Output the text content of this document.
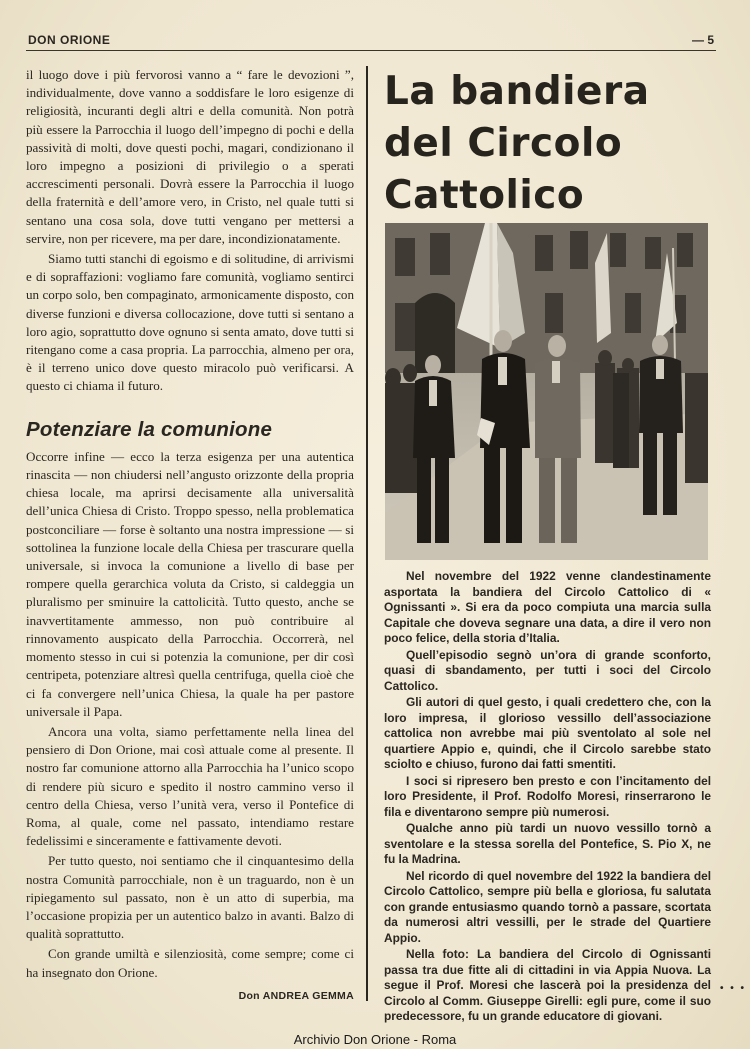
DON ORIONE	— 5

il luogo dove i più fervorosi vanno a “ fare le devozioni ”, individualmente, dove vanno a soddisfare le loro esigenze di religiosità, incuranti degli altri e della comunità. Non potrà più essere la Parrocchia il luogo dell’impegno di pochi e della passività di molti, dove questi pochi, magari, condizionano il loro impegno a posizioni di privilegio o a sperati accrescimenti personali. Dovrà essere la Parrocchia il luogo della fraternità e dell’amore vero, in Cristo, nel quale tutti si sentano una cosa sola, dove tutti vengano per mettersi a servire, non per ricevere, ma per dare, incondizionatamente.

Siamo tutti stanchi di egoismo e di solitudine, di arrivismi e di sopraffazioni: vogliamo fare comunità, vogliamo sentirci un corpo solo, ben compaginato, armonicamente disposto, con diverse funzioni e diversa collocazione, dove tutti si sentano a loro agio, soprattutto dove ognuno si senta amato, dove tutti si ritengano come a casa propria. La parrocchia, almeno per ora, è il terreno unico dove questo miracolo può verificarsi. A questo ci chiama il futuro.

Potenziare la comunione

Occorre infine — ecco la terza esigenza per una autentica rinascita — non chiudersi nell’angusto orizzonte della propria chiesa locale, ma aprirsi decisamente alla universalità dell’unica Chiesa di Cristo. Troppo spesso, nella problematica postconciliare — forse è soltanto una nostra impressione — si sottolinea la funzione locale della Chiesa per trascurare quella universale, si invoca la comunione a livello di base per rompere quella gerarchica voluta da Cristo, si caldeggia un pluralismo per sminuire la cattolicità. Tutto questo, anche se inavvertitamente ammesso, non può contribuire al rinnovamento auspicato della Parrocchia. Occorrerà, nel momento stesso in cui si potenzia la comunione, per dir così centripeta, potenziare altresì quella centrifuga, quella cioè che ci fa convergere nell’unica Chiesa, la quale ha per pastore universale il Papa.

Ancora una volta, siamo perfettamente nella linea del pensiero di Don Orione, mai così attuale come al presente. Il nostro far comunione attorno alla Parrocchia ha l’unico scopo di rendere più sicuro e spedito il nostro cammino verso il centro della Chiesa, verso l’unità vera, verso il Pontefice di Roma, al quale, come nel passato, intendiamo restare fedelissimi e sinceramente e fattivamente devoti.

Per tutto questo, noi sentiamo che il cinquantesimo della nostra Comunità parrocchiale, non è un traguardo, non è un ripiegamento sul passato, non è un atto di superbia, ma l’occasione propizia per un autentico balzo in avanti. Balzo di qualità soprattutto.

Con grande umiltà e silenziosità, come sempre; come ci ha insegnato don Orione.

Don ANDREA GEMMA
La bandiera
del Circolo
Cattolico

Nel novembre del 1922 venne clandestinamente asportata la bandiera del Circolo Cattolico di « Ognissanti ». Si era da poco compiuta una marcia sulla Capitale che doveva segnare una data, a dire il vero non poco felice, della storia d’Italia.

Quell’episodio segnò un’ora di grande sconforto, quasi di sbandamento, per tutti i soci del Circolo Cattolico.

Gli autori di quel gesto, i quali credettero che, con la loro impresa, il glorioso vessillo dell’associazione cattolica non avrebbe mai più sventolato al sole nel quartiere Appio e, quindi, che il Circolo sarebbe stato sciolto e chiuso, furono dai fatti smentiti.

I soci si ripresero ben presto e con l’incitamento del loro Presidente, il Prof. Rodolfo Moresi, rinserrarono le fila e diventarono sempre più numerosi.

Qualche anno più tardi un nuovo vessillo tornò a sventolare e la stessa sorella del Pontefice, S. Pio X, ne fu la Madrina.

Nel ricordo di quel novembre del 1922 la bandiera del Circolo Cattolico, sempre più bella e gloriosa, fu salutata con grande entusiasmo quando tornò a passare, scortata da numerosi altri vessilli, per le strade del Quartiere Appio.

Nella foto: La bandiera del Circolo di Ognissanti passa tra due fitte ali di cittadini in via Appia Nuova. La segue il Prof. Moresi che lascerà poi la presidenza del Circolo al Comm. Giuseppe Girelli: egli pure, come il suo predecessore, fu un grande educatore di giovani.

• • •
Archivio Don Orione - Roma
